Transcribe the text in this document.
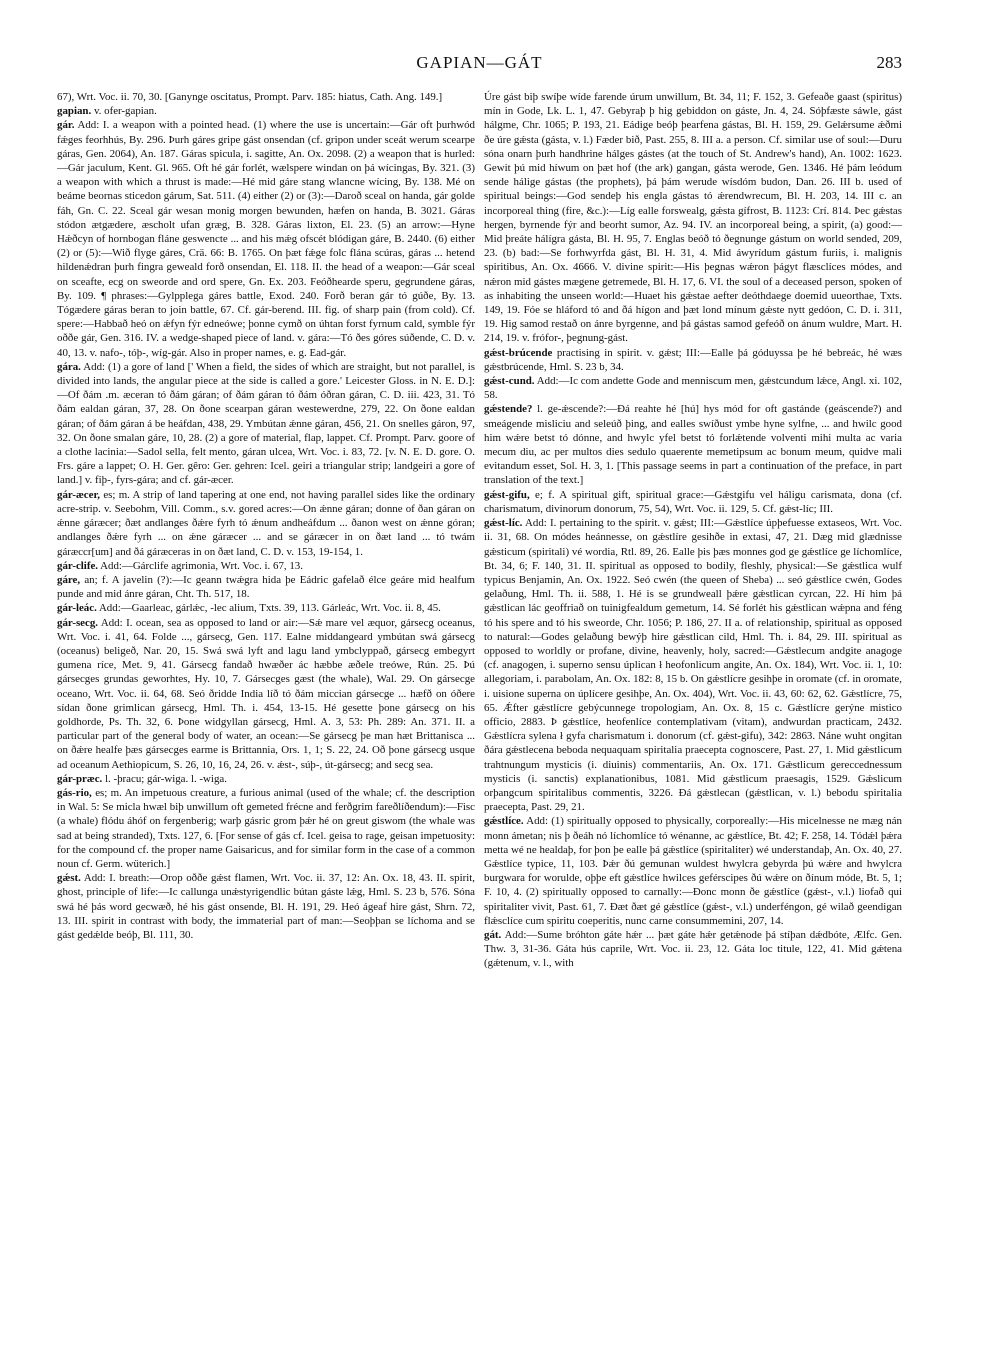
GAPIAN—GÁT	283

67), Wrt. Voc. ii. 70, 30. [Ganynge oscitatus, Prompt. Parv. 185: hiatus, Cath. Ang. 149.]

gapian. v. ofer-gapian.

gár. Add: I. a weapon with a pointed head. (1) where the use is uncertain:—Gár oft þurhwód fǽges feorhhús, By. 296. Þurh gáres gripe gást onsendan (cf. gripon under sceát werum scearpe gáras, Gen. 2064), An. 187. Gáras spicula, i. sagitte, An. Ox. 2098. (2) a weapon that is hurled:—Gár jaculum, Kent. Gl. 965. Oft hé gár forlét, wælspere windan on þá wícingas, By. 321. (3) a weapon with which a thrust is made:—Hé mid gáre stang wlancne wícing, By. 138. Mé on beáme beornas sticedon gárum, Sat. 511. (4) either (2) or (3):—Daroð sceal on handa, gár golde fáh, Gn. C. 22. Sceal gár wesan monig morgen bewunden, hæfen on handa, B. 3021. Gáras stódon ætgædere, æscholt ufan græg, B. 328. Gáras lixton, El. 23. (5) an arrow:—Hyne Hǽðcyn of hornbogan fláne geswencte ... and his mǽg ofscét blódigan gáre, B. 2440. (6) either (2) or (5):—Wið flyge gáres, Crä. 66: B. 1765. On þæt fǽge folc flána scúras, gáras ... hetend hildenǽdran þurh fingra geweald forð onsendan, El. 118. II. the head of a weapon:—Gár sceal on sceafte, ecg on sweorde and ord spere, Gn. Ex. 203. Feóðhearde speru, gegrundene gáras, By. 109. ¶ phrases:—Gylpplega gáres battle, Exod. 240. Forð beran gár tó gúðe, By. 13. Tógædere gáras beran to join battle, 67. Cf. gár-berend. III. fig. of sharp pain (from cold). Cf. spere:—Habbað heó on ǽfyn fýr edneówe; þonne cymð on úhtan forst fyrnum cald, symble fýr oððe gár, Gen. 316. IV. a wedge-shaped piece of land. v. gára:—Tó ðes góres súðende, C. D. v. 40, 13. v. nafo-, tóþ-, wíg-gár. Also in proper names, e. g. Ead-gár.

gára. Add: (1) a gore of land [' When a field, the sides of which are straight, but not parallel, is divided into lands, the angular piece at the side is called a gore.' Leicester Gloss. in N. E. D.]:—Of ðám .m. æceran tó ðám gáran; of ðám gáran tó ðám óðran gáran, C. D. iii. 423, 31. Tó ðám ealdan gáran, 37, 28. On ðone scearpan gáran westewerdne, 279, 22. On ðone ealdan gáran; of ðám gáran á be heáfdan, 438, 29. Ymbútan ǽnne gáran, 456, 21. On snelles gáron, 97, 32. On ðone smalan gáre, 10, 28. (2) a gore of material, flap, lappet. Cf. Prompt. Parv. goore of a clothe lacinia:—Sadol sella, felt mento, gáran ulcea, Wrt. Voc. i. 83, 72. [v. N. E. D. gore. O. Frs. gáre a lappet; O. H. Ger. gêro: Ger. gehren: Icel. geiri a triangular strip; landgeiri a gore of land.] v. fiþ-, fyrs-gára; and cf. gár-æcer.

gár-æcer, es; m. A strip of land tapering at one end, not having parallel sides like the ordinary acre-strip. v. Seebohm, Vill. Comm., s.v. gored acres:—On ǽnne gáran; donne of ðan gáran on ǽnne gáræcer; ðæt andlanges ðǽre fyrh tó ǽnum andheáfdum ... ðanon west on ǽnne góran; andlanges ðǽre fyrh ... on ǽne gáræcer ... and se gáræcer in on ðæt land ... tó twám gáræccr[um] and ðá gáræceras in on ðæt land, C. D. v. 153, 19-154, 1.

gár-clife. Add:—Gárclife agrimonia, Wrt. Voc. i. 67, 13.

gáre, an; f. A javelin (?):—Ic geann twǽgra hida þe Eádric gafelað élce geáre mid healfum punde and mid ánre gáran, Cht. Th. 517, 18.

gár-leác. Add:—Gaarleac, gárlǽc, -lec alium, Txts. 39, 113. Gárleác, Wrt. Voc. ii. 8, 45.

gár-secg. Add: I. ocean, sea as opposed to land or air:—Sǽ mare vel æquor, gársecg oceanus, Wrt. Voc. i. 41, 64. Folde ..., gársecg, Gen. 117. Ealne middangeard ymbútan swá gársecg (oceanus) beligeð, Nar. 20, 15. Swá swá lyft and lagu land ymbclyppað, gársecg embegyrt gumena ríce, Met. 9, 41. Gársecg fandað hwæðer ác hæbbe æðele treówe, Rún. 25. Þú gársecges grundas geworhtes, Hy. 10, 7. Gársecges gæst (the whale), Wal. 29. On gársecge oceano, Wrt. Voc. ii. 64, 68. Seó ðridde India líð tó ðám miccian gársecge ... hæfð on óðere sídan ðone grimlican gársecg, Hml. Th. i. 454, 13-15. Hé gesette þone gársecg on his goldhorde, Ps. Th. 32, 6. Þone widgyllan gársecg, Hml. A. 3, 53: Ph. 289: An. 371. II. a particular part of the general body of water, an ocean:—Se gársecg þe man hæt Brittanisca ... on ðǽre healfe þæs gársecges earme is Brittannia, Ors. 1, 1; S. 22, 24. Oð þone gársecg usque ad oceanum Aethiopicum, S. 26, 10, 16, 24, 26. v. ǽst-, súþ-, út-gársecg; and secg sea.

gár-præc. l. -þracu; gár-wiga. l. -wiga.

gás-rio, es; m. An impetuous creature, a furious animal (used of the whale; cf. the description in Wal. 5: Se micla hwæl biþ unwillum oft gemeted frécne and ferðgrim fareðlíðendum):—Fisc (a whale) flódu áhóf on fergenberig; warþ gásric grom þǽr hé on greut giswom (the whale was sad at being stranded), Txts. 127, 6. [For sense of gás cf. Icel. geisa to rage, geisan impetuosity: for the compound cf. the proper name Gaisaricus, and for similar form in the case of a common noun cf. Germ. wüterich.]

gǽst. Add: I. breath:—Orop oððe gǽst flamen, Wrt. Voc. ii. 37, 12: An. Ox. 18, 43. II. spirit, ghost, principle of life:—Ic callunga unǽstyrigendlic bútan gáste lǽg, Hml. S. 23 b, 576. Sóna swá hé þás word gecwæð, hé his gást onsende, Bl. H. 191, 29. Heó ágeaf hire gást, Shrn. 72, 13. III. spirit in contrast with body, the immaterial part of man:—Seoþþan se líchoma and se gást gedǽlde beóþ, Bl. 111, 30.

Úre gást biþ swíþe wíde farende úrum unwillum, Bt. 34, 11; F. 152, 3. Gefeaðe gaast (spiritus) mín in Gode, Lk. L. 1, 47. Gebyraþ þ hig gebiddon on gáste, Jn. 4, 24. Sóþfæste sáwle, gást hálgme, Chr. 1065; P. 193, 21. Eádige beóþ þearfena gástas, Bl. H. 159, 29. Gelǽrsume ǽðmi ðe úre gǽsta (gásta, v. l.) Fæder bið, Past. 255, 8. III a. a person. Cf. similar use of soul:—Duru sóna onarn þurh handhrine hálges gástes (at the touch of St. Andrew's hand), An. 1002: 1623. Gewit þú mid híwum on þæt hof (the ark) gangan, gásta werode, Gen. 1346. Hé þám leódum sende hálige gástas (the prophets), þá þám werude wísdóm budon, Dan. 26. III b. used of spiritual beings:—God sendeþ his engla gástas tó ǽrendwrecum, Bl. H. 203, 14. III c. an incorporeal thing (fire, &c.):—Líg ealle forswealg, gǽsta gífrost, B. 1123: Crí. 814. Þec gǽstas hergen, byrnende fýr and beorht sumor, Az. 94. IV. an incorporeal being, a spirit, (a) good:—Mid þreáte hálígra gásta, Bl. H. 95, 7. Englas beóð tó ðegnunge gástum on world sended, 209, 23. (b) bad:—Se forhwyrfda gást, Bl. H. 31, 4. Mid áwyrídum gástum furiis, i. malignis spiritibus, An. Ox. 4666. V. divine spirit:—His þegnas wǽron þágyt flæsclíces módes, and nǽron mid gástes mægene getremede, Bl. H. 17, 6. VI. the soul of a deceased person, spoken of as inhabiting the unseen world:—Huaet his gǽstae aefter deóthdaege doemid uueorthae, Txts. 149, 19. Fóe se hláford tó and ðá hígon and þæt lond mínum gǽste nytt gedóon, C. D. i. 311, 19. Hig samod restað on ánre byrgenne, and þá gástas samod gefeóð on ánum wuldre, Mart. H. 214, 19. v. frófor-, þegnung-gást.

gǽst-brúcende practising in spirit. v. gǽst; III:—Ealle þá góduyssa þe hé bebreác, hé wæs gǽstbrúcende, Hml. S. 23 b, 34.

gǽst-cund. Add:—Ic com andette Gode and menniscum men, gǽstcundum lǽce, Angl. xi. 102, 58.

gǽstende? l. ge-ǽscende?:—Ðá reahte hé [hú] hys mód for oft gastánde (geáscende?) and smeágende misliciu and seleúð þing, and ealles swíðust ymbe hyne sylfne, ... and hwilc good him wǽre betst tó dónne, and hwylc yfel betst tó forlǽtende volventi mihi multa ac varia mecum diu, ac per multos dies sedulo quaerente memetipsum ac bonum meum, quidve mali evitandum esset, Sol. H. 3, 1. [This passage seems in part a continuation of the preface, in part translation of the text.]

gǽst-gifu, e; f. A spiritual gift, spiritual grace:—Gǽstgifu vel háligu carismata, dona (cf. charismatum, divinorum donorum, 75, 54), Wrt. Voc. ii. 129, 5. Cf. gǽst-líc; III.

gǽst-líc. Add: I. pertaining to the spirit. v. gǽst; III:—Gǽstlíce úpþefuesse extaseos, Wrt. Voc. ii. 31, 68. On módes heánnesse, on gǽstlíre gesihðe in extasi, 47, 21. Dæg mid glædnisse gǽsticum (spiritali) vé wordia, Rtl. 89, 26. Ealle þis þæs monnes god ge gǽstlíce ge líchomlíce, Bt. 34, 6; F. 140, 31. II. spiritual as opposed to bodily, fleshly, physical:—Se gǽstlica wulf typicus Benjamin, An. Ox. 1922. Seó cwén (the queen of Sheba) ... seó gǽstlíce cwén, Godes gelaðung, Hml. Th. ii. 588, 1. Hé is se grundweall þǽre gǽstlican cyrcan, 22. Hí him þá gǽstlican lác geoffriað on tuinigfealdum gemetum, 14. Sé forlét his gǽstlican wǽpna and féng tó his spere and tó his sweorde, Chr. 1056; P. 186, 27. II a. of relationship, spiritual as opposed to natural:—Godes gelaðung bewýþ hire gǽstlican cild, Hml. Th. i. 84, 29. III. spiritual as opposed to worldly or profane, divine, heavenly, holy, sacred:—Gǽstlecum andgite anagoge (cf. anagogen, i. superno sensu úplican ł heofonlicum angite, An. Ox. 184), Wrt. Voc. ii. 1, 10: allegoriam, i. parabolam, An. Ox. 182: 8, 15 b. On gǽstlícre gesihþe in oromate (cf. in oromate, i. uisione superna on úplícere gesihþe, An. Ox. 404), Wrt. Voc. ii. 43, 60: 62, 62. Gǽstlícre, 75, 65. Ǽfter gǽstlícre gebýcunnege tropologiam, An. Ox. 8, 15 c. Gǽstlícre gerýne mistico officio, 2883. Þ gǽstlíce, heofenlíce contemplativam (vitam), andwurdan practicam, 2432. Gǽstlícra sylena ł gyfa charismatum i. donorum (cf. gǽst-gifu), 342: 2863. Náne wuht ongitan ðára gǽstlecena beboda nequaquam spiritalia praecepta cognoscere, Past. 27, 1. Mid gǽstlicum trahtnungum mysticis (i. diuinis) commentariis, An. Ox. 171. Gǽstlicum gereccednessum mysticis (i. sanctis) explanationibus, 1081. Mid gǽstlicum praesagis, 1529. Gǽslicum orþangcum spiritalibus commentis, 3226. Ðá gǽstlecan (gǽstlican, v. l.) bebodu spiritalia praecepta, Past. 29, 21.

gǽstlíce. Add: (1) spiritually opposed to physically, corporeally:—His micelnesse ne mæg nán monn ámetan; nis þ ðeáh nó líchomlíce tó wénanne, ac gǽstlíce, Bt. 42; F. 258, 14. Tódǽl þǽra metta wé ne healdaþ, for þon þe ealle þá gǽstlíce (spiritaliter) wé understandaþ, An. Ox. 40, 27. Gǽstlíce typice, 11, 103. Þǽr ðú gemunan wuldest hwylcra gebyrda þú wǽre and hwylcra burgwara for worulde, oþþe eft gǽstlíce hwilces geférscipes ðú wǽre on ðínum móde, Bt. 5, 1; F. 10, 4. (2) spiritually opposed to carnally:—Ðonc monn ðe gǽstlíce (gǽst-, v.l.) liofað qui spiritaliter vivit, Past. 61, 7. Ðæt ðæt gé gǽstlíce (gǽst-, v.l.) underféngon, gé wilað geendigan flǽsclíce cum spiritu coeperitis, nunc carne consummemini, 207, 14.

gát. Add:—Sume bróhton gáte hǽr ... þæt gáte hǽr getǽnode þá stíþan dǽdbóte, Ælfc. Gen. Thw. 3, 31-36. Gáta hús caprile, Wrt. Voc. ii. 23, 12. Gáta loc titule, 122, 41. Mid gǽtena (gǽtenum, v. l., with
